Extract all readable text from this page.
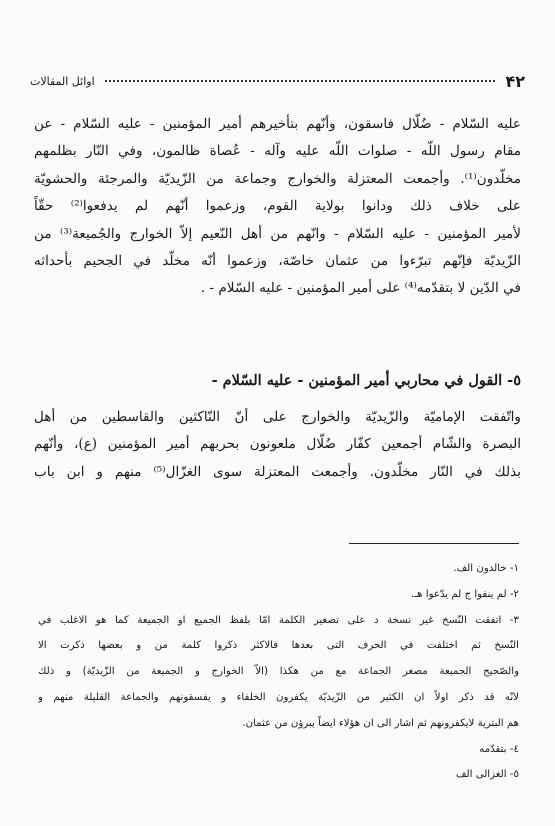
۴۲
اوائل المقالات
عليه السّلام - ضُلّال فاسقون، وأنّهم بتأخيرهم أمير المؤمنين - عليه السّلام - عن
مقام رسول اللّه - صلوات اللّه عليه وآله - عُصاة ظالمون، وفي النّار بظلمهم
مخلّدون⁽¹⁾. وأجمعت المعتزلة والخوارج وجماعة من الزّيديّة والمرجئة والحشويّة
على خلاف ذلك ودانوا بولاية القوم، وزعموا أنّهم لم يدفعوا⁽²⁾ حقّاً
لأمير المؤمنين - عليه السّلام - وانّهم من أهل النّعيم إلاّ الخوارج والجُميعة⁽³⁾ من
الزّيديّة فإنّهم تبرّءوا من عثمان خاصّة، وزعموا أنّه مخلّد في الجحيم بأحداثه
في الدّين لا بتقدّمه⁽⁴⁾ على أمير المؤمنين - عليه السّلام - .
٥- القول في محاربي أمير المؤمنين - عليه السّلام -
واتّفقت الإماميّة والزّيديّة والخوارج على أنّ النّاكثين والقاسطين من أهل
البصرة والشّام أجمعين كفّار ضُلّال ملعونون بحربهم أمير المؤمنين (ع)، وأنّهم
بذلك في النّار مخلّدون. وأجمعت المعتزلة سوى الغزّال⁽⁵⁾ منهم و ابن باب
١- خالدون الف.
٢- لم ينفوا ج لم يدّعوا هـ.
٣- اتفقت النّسخ غير نسخة د على تصغير الكلمة امّا بلفظ الجميع او الجميعة كما هو الاغلب في
النّسخ ثم اختلفت في الحرف التى بعدها فالاكثر ذكروا كلمة من و بعضها ذكرت الا
والصّحيح الجميعة مصغر الجماعة مع من هكذا (الاّ الخوارج و الجميعة من الزّيديّة) و ذلك
لانّه قد ذكر اولاً ان الكثير من الزّيديّة يكفرون الخلفاء و يفسقونهم والجماعة القليلة منهم و
هم البترية لايكفرونهم ثم اشار الى ان هؤلاء ايضاً يبرؤن من عثمان.
٤- بتقدّمه
٥- الغزالى الف
